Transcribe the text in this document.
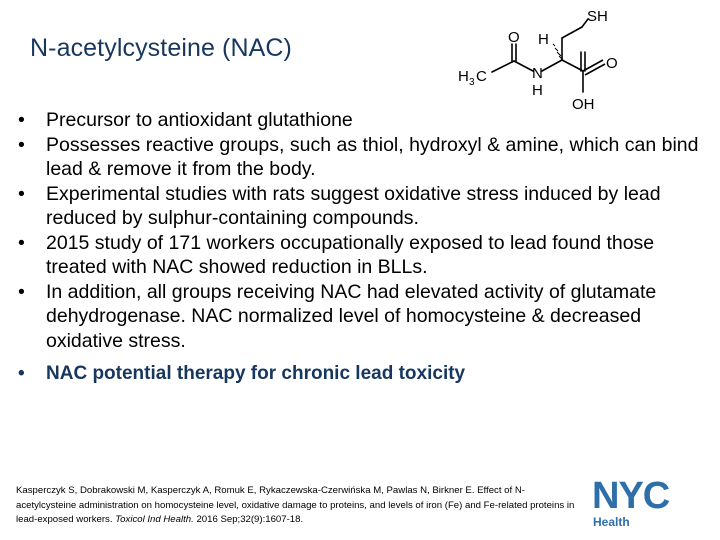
N-acetylcysteine (NAC)
SH
O H
H 3 C	N
H
O
OH
•	Precursor to antioxidant glutathione
•	Possesses reactive groups, such as thiol, hydroxyl & amine, which can bind lead & remove it from the body.
•	Experimental studies with rats suggest oxidative stress induced by lead reduced by sulphur-containing compounds.
•	2015 study of 171 workers occupationally exposed to lead found those treated with NAC showed reduction in BLLs.
•	In addition, all groups receiving NAC had elevated activity of glutamate dehydrogenase. NAC normalized level of homocysteine & decreased oxidative stress.
•	NAC potential therapy for chronic lead toxicity
Kasperczyk S, Dobrakowski M, Kasperczyk A, Romuk E, Rykaczewska-Czerwińska M, Pawlas N, Birkner E. Effect of N-acetylcysteine administration on homocysteine level, oxidative damage to proteins, and levels of iron (Fe) and Fe-related proteins in lead-exposed workers. Toxicol Ind Health. 2016 Sep;32(9):1607-18.
NYC
Health
